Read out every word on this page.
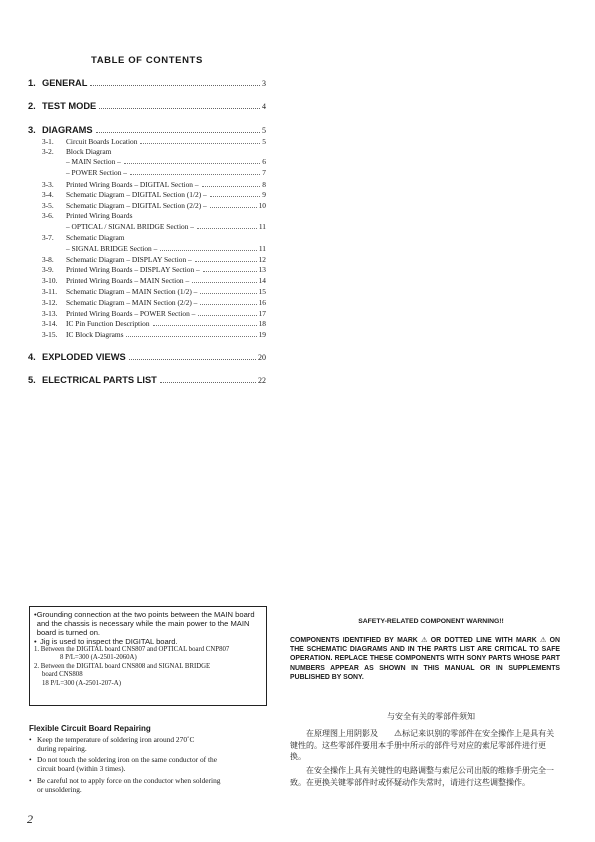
TABLE OF CONTENTS
1. GENERAL	3
2. TEST MODE	4
3. DIAGRAMS	5
3-1.	Circuit Boards Location	5
3-2.	Block Diagram
– MAIN Section –	6
– POWER Section –	7
3-3.	Printed Wiring Boards – DIGITAL Section –	8
3-4.	Schematic Diagram – DIGITAL Section (1/2) –	9
3-5.	Schematic Diagram – DIGITAL Section (2/2) –	10
3-6.	Printed Wiring Boards
– OPTICAL / SIGNAL BRIDGE Section –	11
3-7.	Schematic Diagram
– SIGNAL BRIDGE Section –	11
3-8.	Schematic Diagram – DISPLAY Section –	12
3-9.	Printed Wiring Boards – DISPLAY Section –	13
3-10.	Printed Wiring Boards – MAIN Section –	14
3-11.	Schematic Diagram – MAIN Section (1/2) –	15
3-12.	Schematic Diagram – MAIN Section (2/2) –	16
3-13.	Printed Wiring Boards – POWER Section –	17
3-14.	IC Pin Function Description	18
3-15.	IC Block Diagrams	19
4. EXPLODED VIEWS	20
5. ELECTRICAL PARTS LIST	22
• Grounding connection at the two points between the MAIN board and the chassis is necessary while the main power to the MAIN board is turned on.
• Jig is used to inspect the DIGITAL board.
1. Between the DIGITAL board CNS807 and OPTICAL board CNP807
8 P/L=300 (A-2501-2060A)
2. Between the DIGITAL board CNS808 and SIGNAL BRIDGE
board CNS808
18 P/L=300 (A-2501-207-A)
Flexible Circuit Board Repairing
• Keep the temperature of soldering iron around 270˚C
during repairing.
• Do not touch the soldering iron on the same conductor of the
circuit board (within 3 times).
• Be careful not to apply force on the conductor when soldering
or unsoldering.
SAFETY-RELATED COMPONENT WARNING!!
COMPONENTS IDENTIFIED BY MARK ⚠ OR DOTTED LINE WITH MARK ⚠ ON THE SCHEMATIC DIAGRAMS AND IN THE PARTS LIST ARE CRITICAL TO SAFE OPERATION. REPLACE THESE COMPONENTS WITH SONY PARTS WHOSE PART NUMBERS APPEAR AS SHOWN IN THIS MANUAL OR IN SUPPLEMENTS PUBLISHED BY SONY.
与安全有关的零部件须知
在原理图上用阴影及 ⚠标记来识别的零部件在安全操作上是具有关键性的。这些零部件要用本手册中所示的部件号对应的索尼零部件进行更换。
在安全操作上具有关键性的电路调整与索尼公司出版的维修手册完全一致。在更换关键零部件时或怀疑动作失常时，请进行这些调整操作。
2
